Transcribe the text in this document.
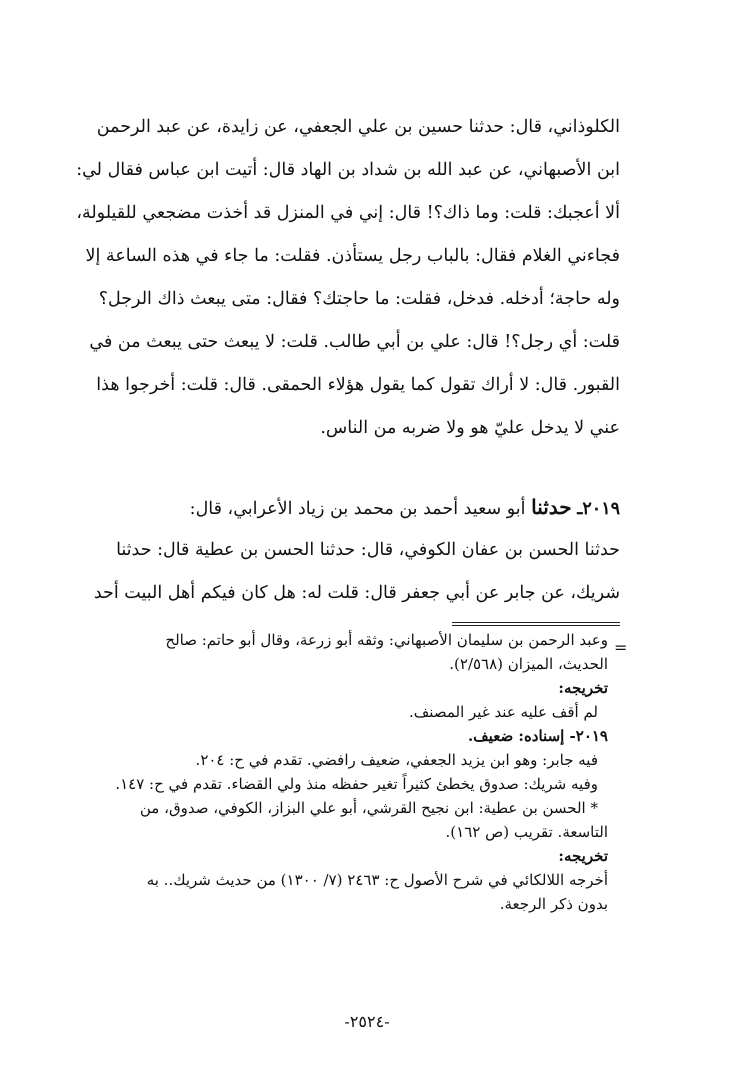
الكلوذاني، قال: حدثنا حسين بن علي الجعفي، عن زايدة، عن عبد الرحمن
ابن الأصبهاني، عن عبد الله بن شداد بن الهاد قال: أتيت ابن عباس فقال لي:
ألا أعجبك: قلت: وما ذاك؟! قال: إني في المنزل قد أخذت مضجعي للقيلولة،
فجاءني الغلام فقال: بالباب رجل يستأذن. فقلت: ما جاء في هذه الساعة إلا
وله حاجة؛ أدخله. فدخل، فقلت: ما حاجتك؟ فقال: متى يبعث ذاك الرجل؟
قلت: أي رجل؟! قال: علي بن أبي طالب. قلت: لا يبعث حتى يبعث من في
القبور. قال: لا أراك تقول كما يقول هؤلاء الحمقى. قال: قلت: أخرجوا هذا
عني لا يدخل عليّ هو ولا ضربه من الناس.
٢٠١٩ـ حدثنا أبو سعيد أحمد بن محمد بن زياد الأعرابي، قال:
حدثنا الحسن بن عفان الكوفي، قال: حدثنا الحسن بن عطية قال: حدثنا
شريك، عن جابر عن أبي جعفر قال: قلت له: هل كان فيكم أهل البيت أحد
=
وعبد الرحمن بن سليمان الأصبهاني: وثقه أبو زرعة، وقال أبو حاتم: صالح
الحديث، الميزان (٢/٥٦٨).
تخريجه:
لم أقف عليه عند غير المصنف.
٢٠١٩- إسناده: ضعيف.
فيه جابر: وهو ابن يزيد الجعفي، ضعيف رافضي. تقدم في ح: ٢٠٤.
وفيه شريك: صدوق يخطئ كثيراً تغير حفظه منذ ولي القضاء. تقدم في ح: ١٤٧.
* الحسن بن عطية: ابن نجيح القرشي، أبو علي البزاز، الكوفي، صدوق، من
التاسعة. تقريب (ص ١٦٢).
تخريجه:
أخرجه اللالكائي في شرح الأصول ح: ٢٤٦٣ (٧/ ١٣٠٠) من حديث شريك.. به
بدون ذكر الرجعة.
-٢٥٢٤-
